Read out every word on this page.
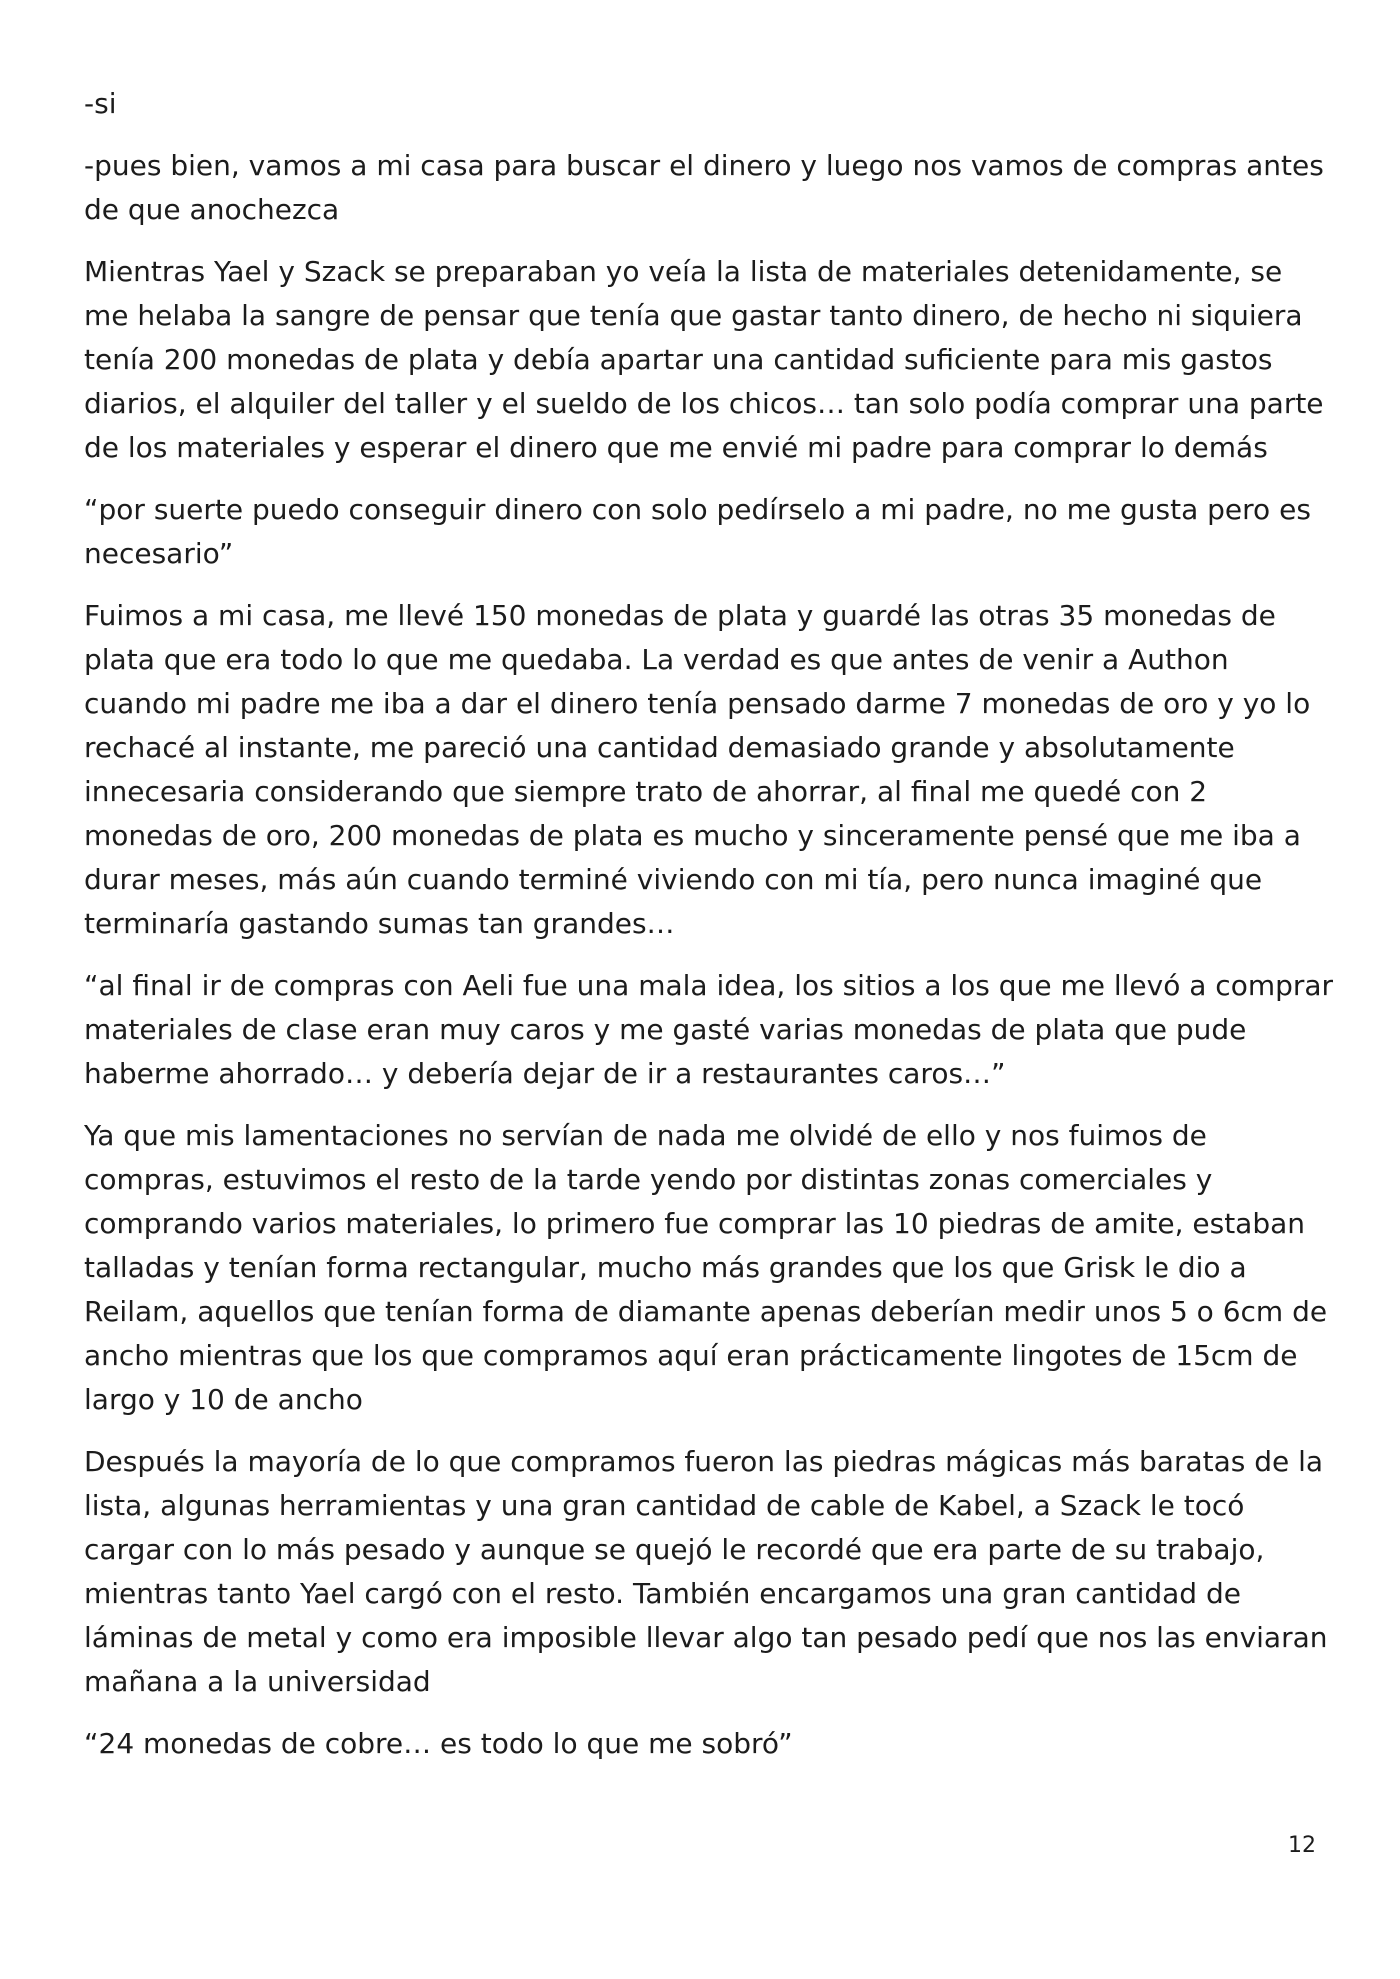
-si

-pues bien, vamos a mi casa para buscar el dinero y luego nos vamos de compras antes de que anochezca

Mientras Yael y Szack se preparaban yo veía la lista de materiales detenidamente, se me helaba la sangre de pensar que tenía que gastar tanto dinero, de hecho ni siquiera tenía 200 monedas de plata y debía apartar una cantidad suficiente para mis gastos diarios, el alquiler del taller y el sueldo de los chicos… tan solo podía comprar una parte de los materiales y esperar el dinero que me envié mi padre para comprar lo demás

“por suerte puedo conseguir dinero con solo pedírselo a mi padre, no me gusta pero es necesario”

Fuimos a mi casa, me llevé 150 monedas de plata y guardé las otras 35 monedas de plata que era todo lo que me quedaba. La verdad es que antes de venir a Authon cuando mi padre me iba a dar el dinero tenía pensado darme 7 monedas de oro y yo lo rechacé al instante, me pareció una cantidad demasiado grande y absolutamente innecesaria considerando que siempre trato de ahorrar, al final me quedé con 2 monedas de oro, 200 monedas de plata es mucho y sinceramente pensé que me iba a durar meses, más aún cuando terminé viviendo con mi tía, pero nunca imaginé que terminaría gastando sumas tan grandes…

“al final ir de compras con Aeli fue una mala idea, los sitios a los que me llevó a comprar materiales de clase eran muy caros y me gasté varias monedas de plata que pude haberme ahorrado… y debería dejar de ir a restaurantes caros…”

Ya que mis lamentaciones no servían de nada me olvidé de ello y nos fuimos de compras, estuvimos el resto de la tarde yendo por distintas zonas comerciales y comprando varios materiales, lo primero fue comprar las 10 piedras de amite, estaban talladas y tenían forma rectangular, mucho más grandes que los que Grisk le dio a Reilam, aquellos que tenían forma de diamante apenas deberían medir unos 5 o 6cm de ancho mientras que los que compramos aquí eran prácticamente lingotes de 15cm de largo y 10 de ancho

Después la mayoría de lo que compramos fueron las piedras mágicas más baratas de la lista, algunas herramientas y una gran cantidad de cable de Kabel, a Szack le tocó cargar con lo más pesado y aunque se quejó le recordé que era parte de su trabajo, mientras tanto Yael cargó con el resto. También encargamos una gran cantidad de láminas de metal y como era imposible llevar algo tan pesado pedí que nos las enviaran mañana a la universidad

“24 monedas de cobre… es todo lo que me sobró”

12
